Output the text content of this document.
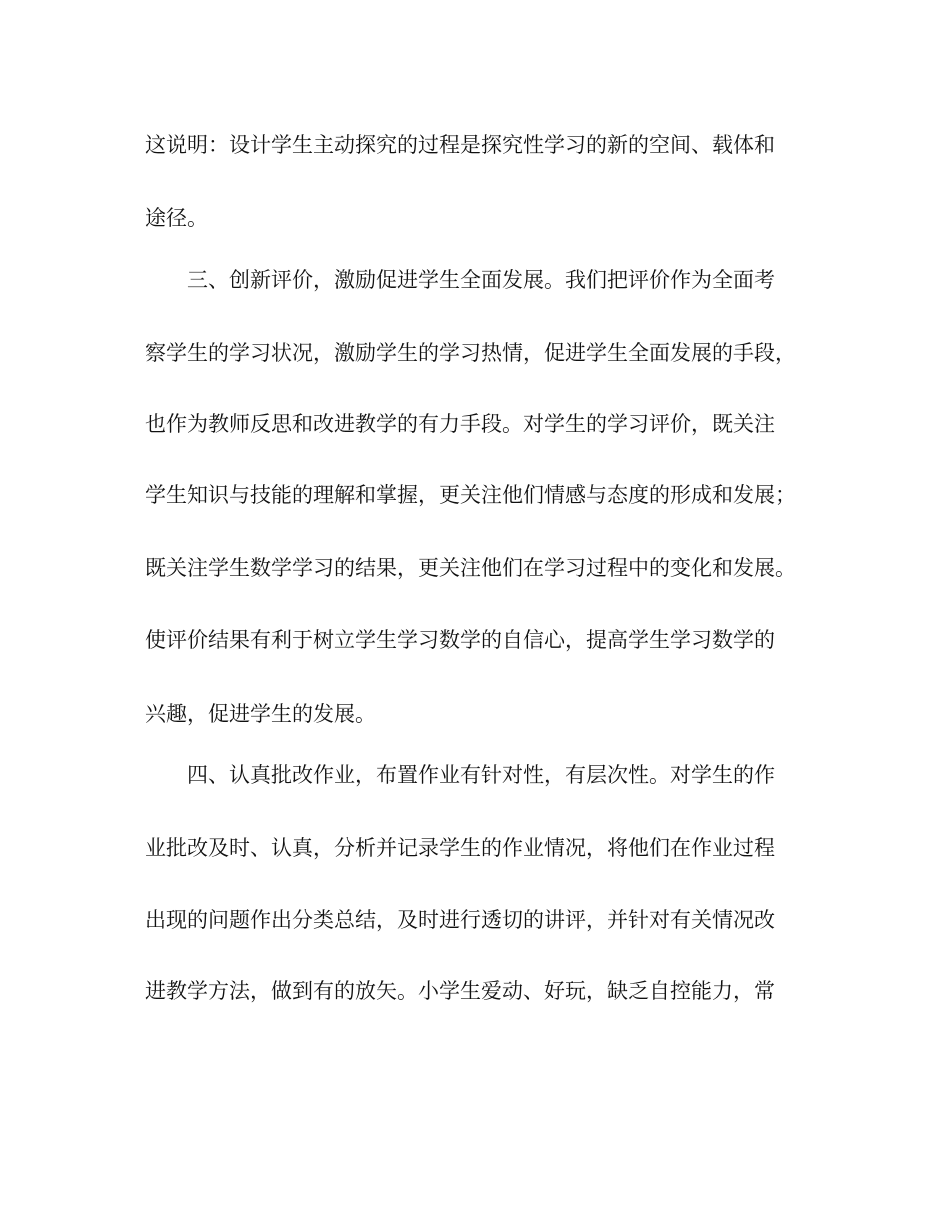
这说明：设计学生主动探究的过程是探究性学习的新的空间、载体和
途径。
三、创新评价，激励促进学生全面发展。我们把评价作为全面考
察学生的学习状况，激励学生的学习热情，促进学生全面发展的手段，
也作为教师反思和改进教学的有力手段。对学生的学习评价，既关注
学生知识与技能的理解和掌握，更关注他们情感与态度的形成和发展；
既关注学生数学学习的结果，更关注他们在学习过程中的变化和发展。
使评价结果有利于树立学生学习数学的自信心，提高学生学习数学的
兴趣，促进学生的发展。
四、认真批改作业，布置作业有针对性，有层次性。对学生的作
业批改及时、认真，分析并记录学生的作业情况，将他们在作业过程
出现的问题作出分类总结，及时进行透切的讲评，并针对有关情况改
进教学方法，做到有的放矢。小学生爱动、好玩，缺乏自控能力，常
